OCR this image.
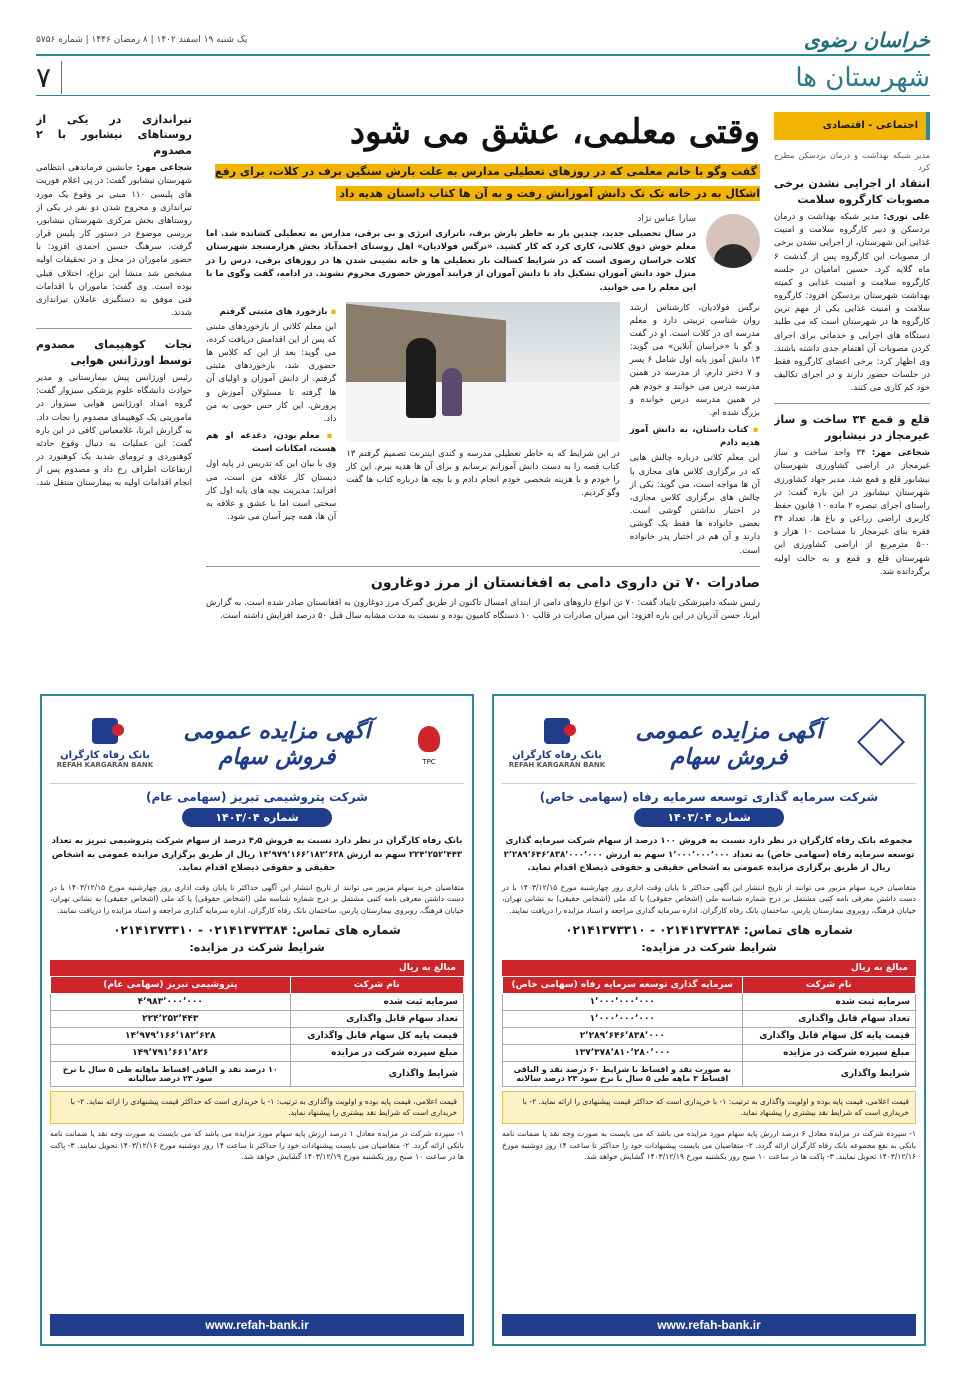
خراسان رضوی
یک شنبه ۱۹ اسفند ۱۴۰۲ | ۸ رمضان ۱۴۴۶ | شماره ۵۷۵۶
شهرستان ها
۷
اجتماعی - اقتصادی
مدیر شبکه بهداشت و درمان بردسکن مطرح کرد
انتقاد از اجرایی نشدن برخی مصوبات کارگروه سلامت

علی نوری: مدیر شبکه بهداشت و درمان بردسکن و دبیر کارگروه سلامت و امنیت غذایی این شهرستان، از اجرایی نشدن برخی از مصوبات این کارگروه پس از گذشت ۶ ماه گلایه کرد. حسین امامیان در جلسه کارگروه سلامت و امنیت غذایی و کمیته بهداشت شهرستان بردسکن افزود: کارگروه سلامت و امنیت غذایی یکی از مهم ترین کارگروه ها در شهرستان است که می طلبد دستگاه های اجرایی و خدماتی برای اجرای کردن مصوبات آن اهتمام جدی داشته باشند. وی اظهار کرد: برخی اعضای کارگروه فقط در جلسات حضور دارند و در اجرای تکالیف خود کم کاری می کنند.

قلع و قمع ۳۴ ساخت و ساز غیرمجاز در نیشابور

شجاعی مهر: ۳۴ واحد ساخت و ساز غیرمجاز در اراضی کشاورزی شهرستان نیشابور قلع و قمع شد. مدیر جهاد کشاورزی شهرستان نیشابور در این باره گفت: در راستای اجرای تبصره ۲ ماده ۱۰ قانون حفظ کاربری اراضی زراعی و باغ ها، تعداد ۳۴ فقره بنای غیرمجاز با مساحت ۱۰ هزار و ۵۰۰ مترمربع از اراضی کشاورزی این شهرستان قلع و قمع و به حالت اولیه برگردانده شد.

وقتی معلمی، عشق می شود
گفت وگو با خانم معلمی که در روزهای تعطیلی مدارس به علت بارش سنگین برف در کلات، برای رفع اشکال به در خانه تک تک دانش آموزانش رفت و به آن ها کتاب داستان هدیه داد
سارا عباس نژاد

در سال تحصیلی جدید، چندین بار به خاطر بارش برف، ناترازی انرژی و بی برقی، مدارس به تعطیلی کشانده شد. اما معلم خوش ذوق کلاتی، کاری کرد که کار کشید. «نرگس فولادیان» اهل روستای احمدآباد بخش هزارمسجد شهرستان کلات خراسان رضوی است که در شرایط کسالت بار تعطیلی ها و خانه نشینی شدن ها در روزهای برفی، درس را در منزل خود دانش آموزان تشکیل داد تا دانش آموزان از فرایند آموزش حضوری محروم نشوند. در ادامه، گفت وگوی ما با این معلم را می خوانید.

نرگس فولادیان، کارشناس ارشد روان شناسی تربیتی دارد و معلم مدرسه ای در کلات است. او در گفت و گو با «خراسان آنلاین» می گوید: ۱۳ دانش آموز پایه اول شامل ۶ پسر و ۷ دختر دارم. از مدرسه در همین مدرسه درس می خوانند و خودم هم در همین مدرسه درس خوانده و بزرگ شده ام.

▪ کتاب داستان، به دانش آموز هدیه دادم

این معلم کلاتی درباره چالش هایی که در برگزاری کلاس های مجازی با آن ها مواجه است، می گوید: یکی از چالش های برگزاری کلاس مجازی، در اختیار نداشتن گوشی است. بعضی خانواده ها فقط یک گوشی دارند و آن هم در اختیار پدر خانواده است.

در این شرایط که به خاطر تعطیلی مدرسه و کندی اینترنت تصمیم گرفتم ۱۳ کتاب قصه را به دست دانش آموزانم برسانم و برای آن ها هدیه ببرم. این کار را خودم و با هزینه شخصی خودم انجام دادم و با بچه ها درباره کتاب ها گفت وگو کردیم.

▪ بازخورد های مثبتی گرفتم

این معلم کلاتی از بازخوردهای مثبتی که پس از این اقدامش دریافت کرده، می گوید: بعد از این که کلاس ها حضوری شد، بازخوردهای مثبتی گرفتم. از دانش آموزان و اولیای آن ها گرفته تا مسئولان آموزش و پرورش. این کار حس خوبی به من داد.

▪ معلم بودن، دغدغه او هم هست، امکانات است

وی با بیان این که تدریس در پایه اول دبستان کار علاقه من است، می افزاید: مدیریت بچه های پایه اول کار سختی است اما با عشق و علاقه به آن ها، همه چیز آسان می شود.

صادرات ۷۰ تن داروی دامی به افغانستان از مرز دوغارون

رئیس شبکه دامپزشکی تایباد گفت: ۷۰ تن انواع داروهای دامی از ابتدای امسال تاکنون از طریق گمرک مرز دوغارون به افغانستان صادر شده است. به گزارش ایرنا، حسن آذریان در این باره افزود: این میزان صادرات در قالب ۱۰ دستگاه کامیون بوده و نسبت به مدت مشابه سال قبل ۵۰ درصد افزایش داشته است.

تیراندازی در یکی از روستاهای نیشابور با ۲ مصدوم

شجاعی مهر: جانشین فرماندهی انتظامی شهرستان نیشابور گفت: در پی اعلام فوریت های پلیسی ۱۱۰ مبنی بر وقوع یک مورد تیراندازی و مجروح شدن دو نفر در یکی از روستاهای بخش مرکزی شهرستان نیشابور، بررسی موضوع در دستور کار پلیس قرار گرفت. سرهنگ حسین احمدی افزود: با حضور ماموران در محل و در تحقیقات اولیه مشخص شد منشا این نزاع، اختلاف قبلی بوده است. وی گفت: ماموران با اقدامات فنی موفق به دستگیری عاملان تیراندازی شدند.

نجات کوهپیمای مصدوم توسط اورژانس هوایی

رئیس اورژانس پیش بیمارستانی و مدیر حوادث دانشگاه علوم پزشکی سبزوار گفت: گروه امداد اورژانس هوایی سبزوار در ماموریتی یک کوهپیمای مصدوم را نجات داد. به گزارش ایرنا، غلامعباس کافی در این باره گفت: این عملیات به دنبال وقوع حادثه کوهنوردی و ترومای شدید یک کوهنورد در ارتفاعات اطراف رخ داد و مصدوم پس از انجام اقدامات اولیه به بیمارستان منتقل شد.

آگهی مزایده عمومی فروش سهام
بانک رفاه کارگران
REFAH KARGARAN BANK
شرکت سرمایه گذاری توسعه سرمایه رفاه (سهامی خاص)
شماره ۱۴۰۳/۰۴

مجموعه بانک رفاه کارگران در نظر دارد نسبت به فروش ۱۰۰ درصد از سهام شرکت سرمایه گذاری توسعه سرمایه رفاه (سهامی خاص) به تعداد ۱٬۰۰۰٬۰۰۰٬۰۰۰ سهم به ارزش ۲٬۲۸۹٬۶۴۶٬۸۳۸٬۰۰۰٬۰۰۰ ریال از طریق برگزاری مزایده عمومی به اشخاص حقیقی و حقوقی ذیصلاح اقدام نماید.

متقاضیان خرید سهام مزبور می توانند از تاریخ انتشار این آگهی حداکثر تا پایان وقت اداری روز چهارشنبه مورخ ۱۴۰۳/۱۲/۱۵ با در دست داشتن معرفی نامه کتبی مشتمل بر درج شماره شناسه ملی (اشخاص حقوقی) یا کد ملی (اشخاص حقیقی) به نشانی تهران، خیابان فرهنگ، روبروی بیمارستان پارس، ساختمان بانک رفاه کارگران، اداره سرمایه گذاری مراجعه و اسناد مزایده را دریافت نمایند.

شماره های تماس: ۰۲۱۴۱۳۷۳۳۸۴ - ۰۲۱۴۱۳۷۳۳۱۰
شرایط شرکت در مزایده:
مبالغ به ریال
نام شرکت	سرمایه گذاری توسعه سرمایه رفاه (سهامی خاص)
سرمایه ثبت شده	۱٬۰۰۰٬۰۰۰٬۰۰۰
تعداد سهام قابل واگذاری	۱٬۰۰۰٬۰۰۰٬۰۰۰
قیمت پایه کل سهام قابل واگذاری	۲٬۲۸۹٬۶۴۶٬۸۳۸٬۰۰۰
مبلغ سپرده شرکت در مزایده	۱۳۷٬۳۷۸٬۸۱۰٬۲۸۰٬۰۰۰
شرایط واگذاری	به صورت نقد و اقساط با شرایط ۶۰ درصد نقد و الباقی اقساط ۳ ماهه طی ۵ سال با نرخ سود ۲۳ درصد سالانه
قیمت اعلامی، قیمت پایه بوده و اولویت واگذاری به ترتیب: ۱- با خریداری است که حداکثر قیمت پیشنهادی را ارائه نماید. ۲- با خریداری است که شرایط نقد بیشتری را پیشنهاد نماید.

۱- سپرده شرکت در مزایده معادل ۶ درصد ارزش پایه سهام مورد مزایده می باشد که می بایست به صورت وجه نقد یا ضمانت نامه بانکی به نفع مجموعه بانک رفاه کارگران ارائه گردد. ۲- متقاضیان می بایست پیشنهادات خود را حداکثر تا ساعت ۱۴ روز دوشنبه مورخ ۱۴۰۳/۱۲/۱۶ تحویل نمایند. ۳- پاکت ها در ساعت ۱۰ صبح روز یکشنبه مورخ ۱۴۰۳/۱۲/۱۹ گشایش خواهد شد.

www.refah-bank.ir
TPC
آگهی مزایده عمومی فروش سهام
بانک رفاه کارگران
REFAH KARGARAN BANK
شرکت پتروشیمی تبریز (سهامی عام)
شماره ۱۴۰۳/۰۴

بانک رفاه کارگران در نظر دارد نسبت به فروش ۴٫۵ درصد از سهام شرکت پتروشیمی تبریز به تعداد ۲۲۴٬۲۵۲٬۴۴۳ سهم به ارزش ۱۴٬۹۷۹٬۱۶۶٬۱۸۲٬۶۲۸ ریال از طریق برگزاری مزایده عمومی به اشخاص حقیقی و حقوقی ذیصلاح اقدام نماید.

متقاضیان خرید سهام مزبور می توانند از تاریخ انتشار این آگهی حداکثر تا پایان وقت اداری روز چهارشنبه مورخ ۱۴۰۳/۱۲/۱۵ با در دست داشتن معرفی نامه کتبی مشتمل بر درج شماره شناسه ملی (اشخاص حقوقی) یا کد ملی (اشخاص حقیقی) به نشانی تهران، خیابان فرهنگ، روبروی بیمارستان پارس، ساختمان بانک رفاه کارگران، اداره سرمایه گذاری مراجعه و اسناد مزایده را دریافت نمایند.

شماره های تماس: ۰۲۱۴۱۳۷۳۳۸۴ - ۰۲۱۴۱۳۷۳۳۱۰
شرایط شرکت در مزایده:
مبالغ به ریال
نام شرکت	پتروشیمی تبریز (سهامی عام)
سرمایه ثبت شده	۴٬۹۸۳٬۰۰۰٬۰۰۰
تعداد سهام قابل واگذاری	۲۲۴٬۲۵۲٬۴۴۳
قیمت پایه کل سهام قابل واگذاری	۱۴٬۹۷۹٬۱۶۶٬۱۸۲٬۶۲۸
مبلغ سپرده شرکت در مزایده	۱۴۹٬۷۹۱٬۶۶۱٬۸۲۶
شرایط واگذاری	۱۰ درصد نقد و الباقی اقساط ماهانه طی ۵ سال با نرخ سود ۲۳ درصد سالیانه
قیمت اعلامی، قیمت پایه بوده و اولویت واگذاری به ترتیب: ۱- با خریداری است که حداکثر قیمت پیشنهادی را ارائه نماید. ۲- با خریداری است که شرایط نقد بیشتری را پیشنهاد نماید.

۱- سپرده شرکت در مزایده معادل ۱ درصد ارزش پایه سهام مورد مزایده می باشد که می بایست به صورت وجه نقد یا ضمانت نامه بانکی ارائه گردد. ۲- متقاضیان می بایست پیشنهادات خود را حداکثر تا ساعت ۱۴ روز دوشنبه مورخ ۱۴۰۳/۱۲/۱۶ تحویل نمایند. ۳- پاکت ها در ساعت ۱۰ صبح روز یکشنبه مورخ ۱۴۰۳/۱۲/۱۹ گشایش خواهد شد.

www.refah-bank.ir
